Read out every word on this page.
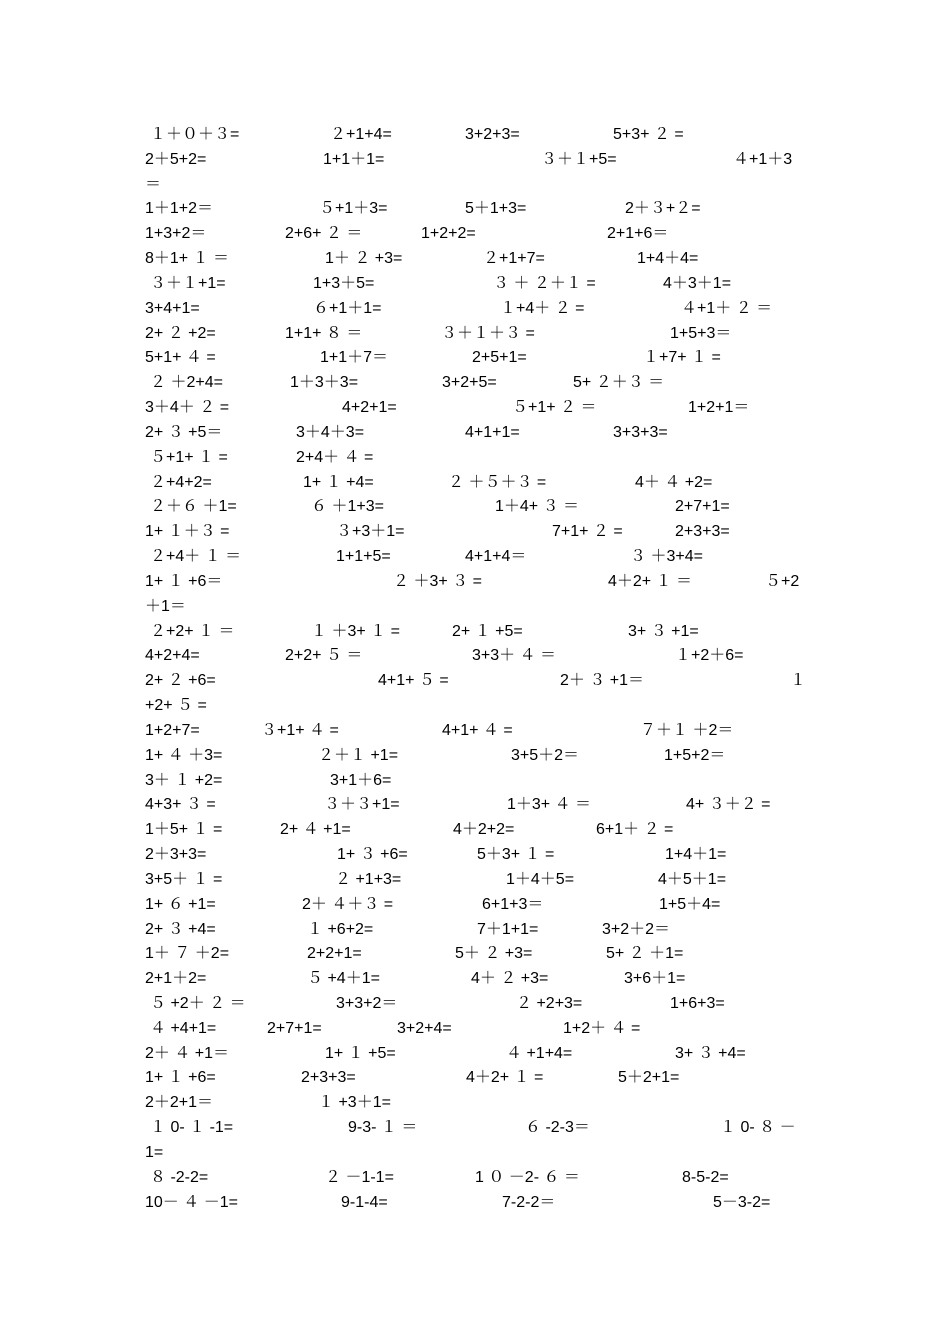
１＋０＋３=	２+1+4=	3+2+3=	5+3+ ２ =
2＋5+2=	1+1＋1=	３＋１+5=	４+1＋3
＝
1＋1+2＝	５+1＋3=	5＋1+3=	2＋３+２=
1+3+2＝	2+6+ ２ ＝	1+2+2=	2+1+6＝
8＋1+ １ ＝	1＋ ２ +3=	２+1+7=	1+4＋4=
３＋１+1=	1+3＋5=	３ ＋ ２＋１ =	4＋3＋1=
3+4+1=	６+1＋1=	１+4＋ ２ =	４+1＋ ２ ＝
2+ ２ +2=	1+1+ ８ ＝	３＋１＋３ =	1+5+3＝
5+1+ ４ =	1+1＋7＝	2+5+1=	１+7+ １ =
２ ＋2+4=	1＋3＋3=	3+2+5=	5+ ２＋３ ＝
3＋4＋ ２ =	4+2+1=	５+1+ ２ ＝	1+2+1＝
2+ ３ +5＝	3＋4＋3=	4+1+1=	3+3+3=
５+1+ １ =	2+4＋ ４ =
２+4+2=	1+ １ +4=	２ ＋５＋３ =	4＋ ４ +2=
２＋６ ＋1=	６ ＋1+3=	1＋4+ ３ ＝	2+7+1=
1+ １＋３ =	３+3＋1=	7+1+ ２ =	2+3+3=
２+4＋ １ ＝	1+1+5=	4+1+4＝	３ ＋3+4=
1+ １ +6＝	２ ＋3+ ３ =	4＋2+ １ ＝	５+2
＋1＝
２+2+ １ ＝	１ ＋3+ １ =	2+ １ +5=	3+ ３ +1=
4+2+4=	2+2+ ５ ＝	3+3＋ ４ ＝	１+2＋6=
2+ ２ +6=	4+1+ ５ =	2＋ ３ +1＝	１
+2+ ５ =
1+2+7=	３+1+ ４ =	4+1+ ４ =	７＋１ ＋2＝
1+ ４ ＋3=	２＋１ +1=	3+5＋2＝	1+5+2＝
3＋ １ +2=	3+1＋6=
4+3+ ３ =	３＋３+1=	1＋3+ ４ ＝	4+ ３＋２ =
1＋5+ １ =	2+ ４ +1=	4＋2+2=	6+1＋ ２ =
2＋3+3=	1+ ３ +6=	5＋3+ １ =	1+4＋1=
3+5＋ １ =	２ +1+3=	1＋4＋5=	4＋5＋1=
1+ ６ +1=	2＋ ４＋３ =	6+1+3＝	1+5＋4=
2+ ３ +4=	１ +6+2=	7＋1+1=	3+2＋2＝
1＋ ７ ＋2=	2+2+1=	5＋ ２ +3=	5+ ２ ＋1=
2+1＋2=	５ +4＋1=	4＋ ２ +3=	3+6＋1=
５ +2＋ ２ ＝	3+3+2＝	２ +2+3=	1+6+3=
４ +4+1=	2+7+1=	3+2+4=	1+2＋ ４ =
2＋ ４ +1＝	1+ １ +5=	４ +1+4=	3+ ３ +4=
1+ １ +6=	2+3+3=	4＋2+ １ =	5＋2+1=
2＋2+1＝	１ +3＋1=
１ 0- １ -1=	9-3- １ ＝	６ -2-3＝	１ 0- ８ －
1=
８ -2-2=	２ －1-1=	1 ０ －2- ６ ＝	8-5-2=
10－ ４ －1=	9-1-4=	7-2-2＝	5－3-2=
